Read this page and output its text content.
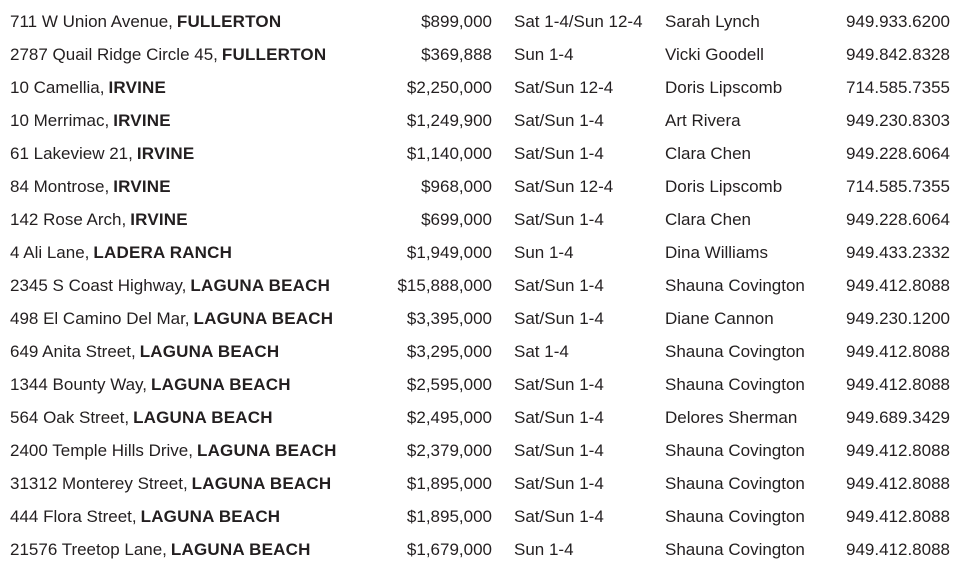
711 W Union Avenue, FULLERTON	$899,000 Sat 1-4/Sun 12-4	Sarah Lynch	949.933.6200
2787 Quail Ridge Circle 45, FULLERTON	$369,888 Sun 1-4	Vicki Goodell	949.842.8328
10 Camellia, IRVINE	$2,250,000 Sat/Sun 12-4	Doris Lipscomb	714.585.7355
10 Merrimac, IRVINE	$1,249,900 Sat/Sun 1-4	Art Rivera	949.230.8303
61 Lakeview 21, IRVINE	$1,140,000 Sat/Sun 1-4	Clara Chen	949.228.6064
84 Montrose, IRVINE	$968,000 Sat/Sun 12-4	Doris Lipscomb	714.585.7355
142 Rose Arch, IRVINE	$699,000 Sat/Sun 1-4	Clara Chen	949.228.6064
4 Ali Lane, LADERA RANCH	$1,949,000 Sun 1-4	Dina Williams	949.433.2332
2345 S Coast Highway, LAGUNA BEACH	$15,888,000 Sat/Sun 1-4	Shauna Covington	949.412.8088
498 El Camino Del Mar, LAGUNA BEACH	$3,395,000 Sat/Sun 1-4	Diane Cannon	949.230.1200
649 Anita Street, LAGUNA BEACH	$3,295,000 Sat 1-4	Shauna Covington	949.412.8088
1344 Bounty Way, LAGUNA BEACH	$2,595,000 Sat/Sun 1-4	Shauna Covington	949.412.8088
564 Oak Street, LAGUNA BEACH	$2,495,000 Sat/Sun 1-4	Delores Sherman	949.689.3429
2400 Temple Hills Drive, LAGUNA BEACH	$2,379,000 Sat/Sun 1-4	Shauna Covington	949.412.8088
31312 Monterey Street, LAGUNA BEACH	$1,895,000 Sat/Sun 1-4	Shauna Covington	949.412.8088
444 Flora Street, LAGUNA BEACH	$1,895,000 Sat/Sun 1-4	Shauna Covington	949.412.8088
21576 Treetop Lane, LAGUNA BEACH	$1,679,000 Sun 1-4	Shauna Covington	949.412.8088
